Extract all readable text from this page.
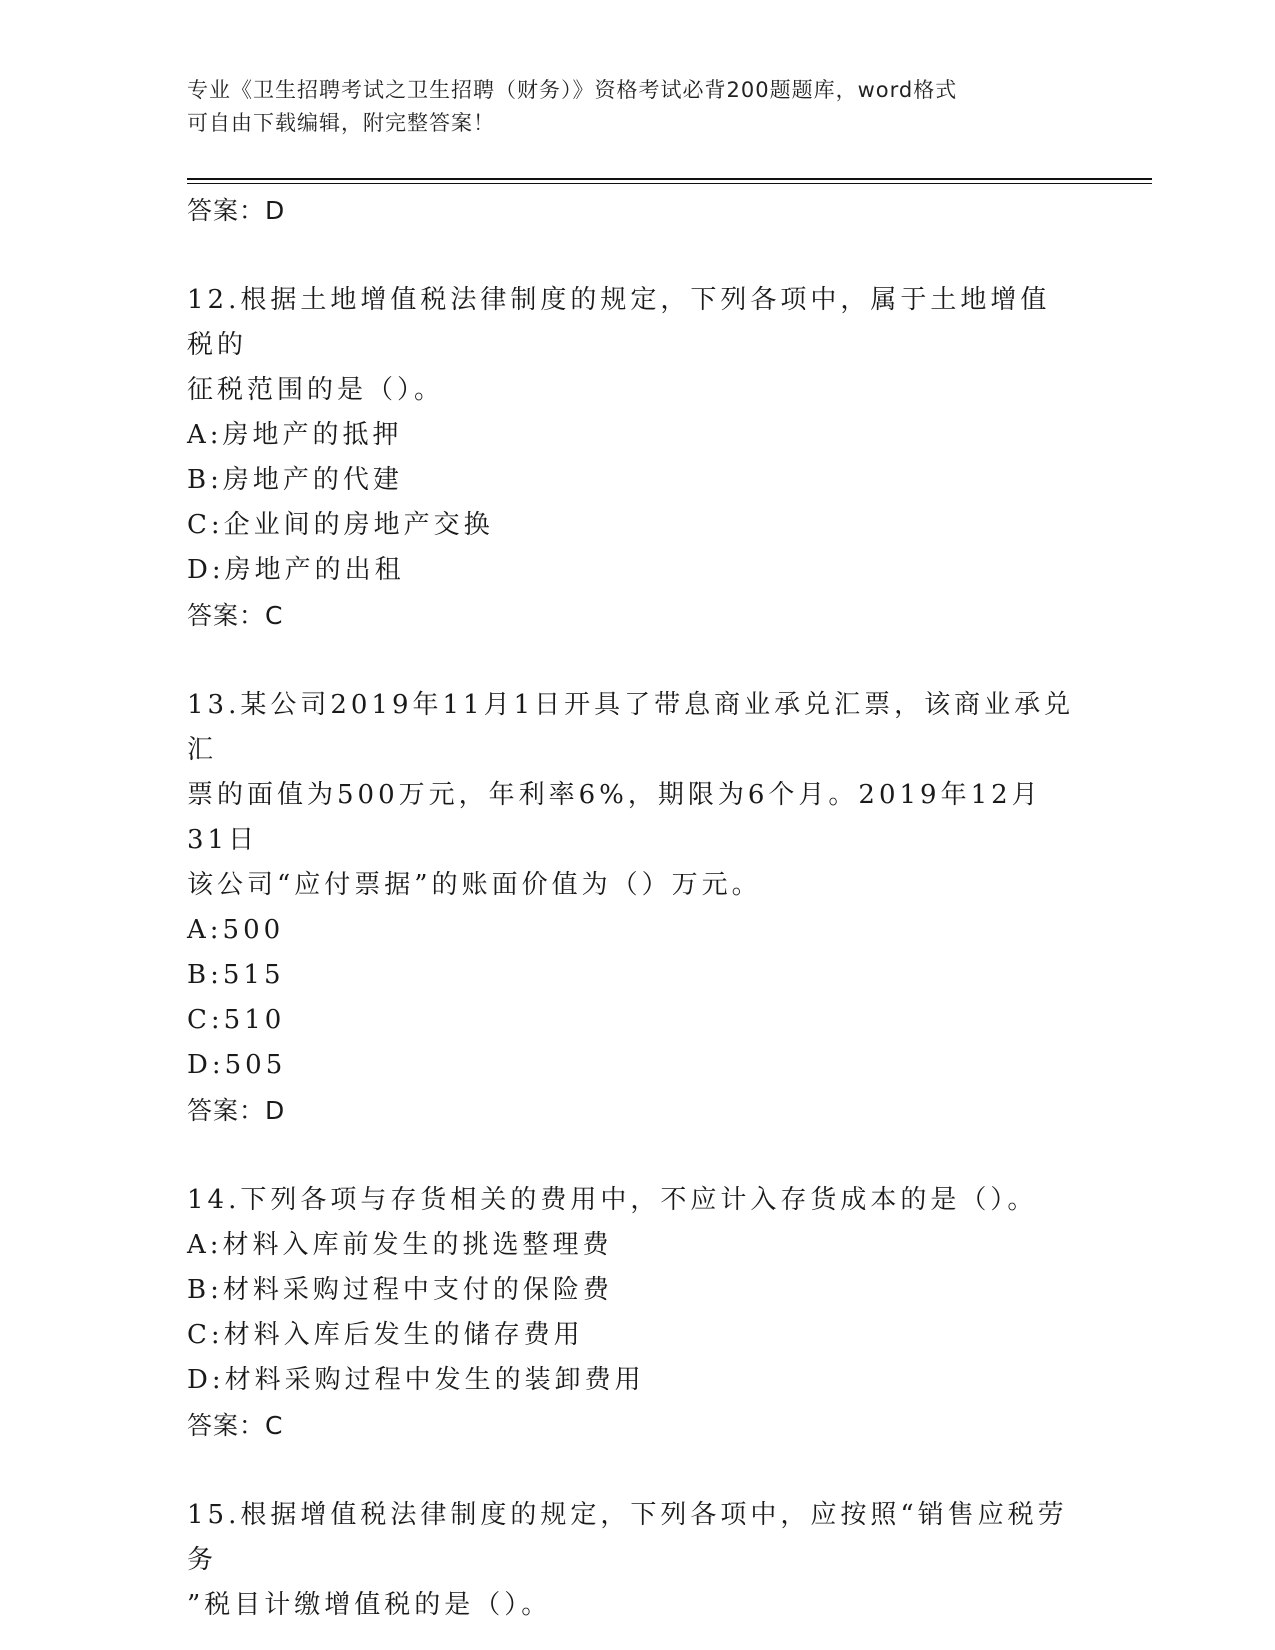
专业《卫生招聘考试之卫生招聘（财务）》资格考试必背200题题库，word格式
可自由下载编辑，附完整答案！
答案：D
12.根据土地增值税法律制度的规定，下列各项中，属于土地增值税的
征税范围的是（）。
A:房地产的抵押
B:房地产的代建
C:企业间的房地产交换
D:房地产的出租
答案：C
13.某公司2019年11月1日开具了带息商业承兑汇票，该商业承兑汇
票的面值为500万元，年利率6%，期限为6个月。2019年12月31日
该公司“应付票据”的账面价值为（）万元。
A:500
B:515
C:510
D:505
答案：D
14.下列各项与存货相关的费用中，不应计入存货成本的是（）。
A:材料入库前发生的挑选整理费
B:材料采购过程中支付的保险费
C:材料入库后发生的储存费用
D:材料采购过程中发生的装卸费用
答案：C
15.根据增值税法律制度的规定，下列各项中，应按照“销售应税劳务
”税目计缴增值税的是（）。
